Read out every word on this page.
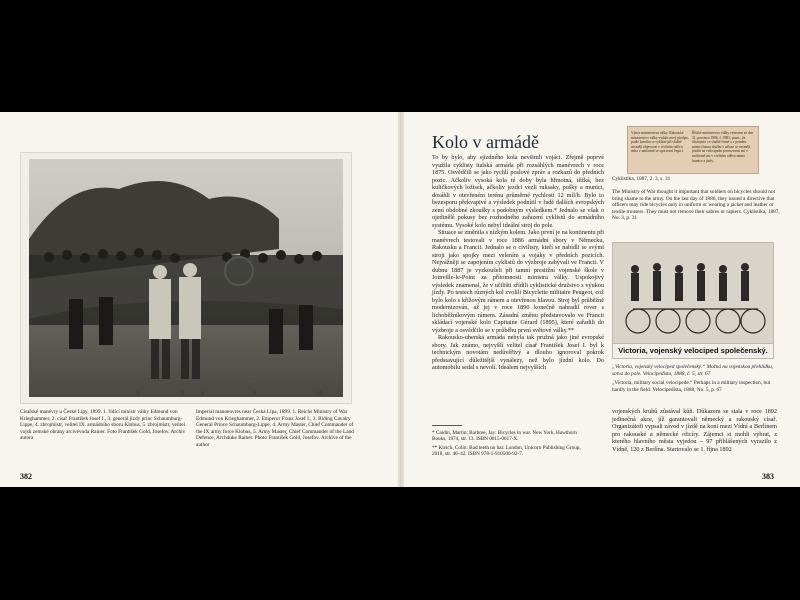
1	2	3	4	5
Císařské manévry u České Lípy, 1899. 1. řídící ministr války Edmund von Krieghammer, 2. císař František Josef I., 3. generál jízdy princ Schaumburg-Lippe, 4. zbrojmistr, velitel IX. armádního sboru Klobus, 5. zbrojmistr, velitel vojsk zemské obrany arcivévoda Rainer. Foto František Gold, Josefov. Archiv autora
Imperial manoeuvres near Česká Lípa, 1899. 1. Reichs Ministry of War Edmund von Krieghammer, 2. Emperor Franz Josef I., 3. Riding Cavalry General Prince Schaumburg-Lippe, 4. Army Master, Chief Commander of the IX army force Klobus, 5. Army Master, Chief Commander of the Land Defence, Archduke Rainer. Photo František Gold, Josefov. Archive of the author
382
Kolo v armádě

To by bylo, aby sjízdného kola nevšimli vojáci. Zřejmě poprvé využila cyklisty italská armáda při rozsáhlých manévrech v roce 1875. Osvědčili se jako rychlí poslové zpráv a rozkazů do předních pozic. Ačkoliv vysoká kola té doby byla hřmotná, těžká, bez kuličkových ložisek, ačkoliv jezdci vezli ruksaky, pušky a munici, dosáhli v otevřeném terénu průměrné rychlosti 12 míl/h. Bylo to bezesporu překvapivé a výsledek podnítil v řadě dalších evropských zemí obdobné zkoušky s podobným výsledkem.* Jednalo se však o ojedinělé pokusy bez rozhodného zařazení cyklistů do armádního systému. Vysoké kolo nebyl ideální stroj do pole.

Situace se změnila s nízkým kolem. Jako první je na kontinentu při manévrech testovali v roce 1886 armádní sbory v Německu, Rakousku a Francii. Jednalo se o civilisty, kteří se nabídli se svými stroji jako spojky mezi velením a vojáky v předních pozicích. Nejvážněji se zapojením cyklistů do výzbroje zabývali ve Francii. V dubnu 1887 je vyzkoušeli při tamní prestižní vojenské škole v Joinville-le-Point za přítomnosti ministra války. Uspokojivý výsledek znamenal, že v učilišti zřídili cyklistické družstvo s výukou jízdy. Po testech různých kol zvolili Bicyclette militaire Peugeot, což bylo kolo s křížovým rámem a otevřenou hlavou. Stroj byl průběžně modernizován, až jej v roce 1890 konečně nahradil rover s lichoběžníkovým rámem. Zásadní změnu představovalo ve Francii skládací vojenské kolo Capitaine Gérard (1895), které zařadili do výzbroje a osvědčilo se v průběhu první světové války.**

Rakousko-uherská armáda nebyla tak pružná jako jiné evropské sbory. Jak známo, nejvyšší velitel císař František Josef I. byl k technickým novotám nedůvěřivý a dlouho ignoroval pokrok představující důležitější vynálezy, než bylo jízdní kolo. Do automobilu sedal s nevolí. Ideálem nejvyšších

* Caidin, Martin; Barbree, Jay: Bicycles in war. New York, Hawthorn Books, 1974, str. 13. ISBN 0015-0617-X.
** Kirsch, Colin: Bad teeth no bar. London, Unicorn Publishing Group, 2018, str. 40–42. ISBN 978-1-910500-92-7.
Výnos ministerstva války. Rakouské ministerstvo války vydalo nový předpis, podle kterého se cyklisté při službě nesmějí objevovat v civilním oděvu nebo v uniformě se sportovní čepicí.
Říšské ministerstvo války výnosem ze dne 31. prosince 1886, č. 5983, praes., že důstojníci ve službě činné a v poměru mimo činnou službu v záloze se nesmějí jezditi na velocipedu provozovati ani v uniformě ani v civilním oděvu mimo hranice a jízdy.
Cyklistika, 1887, 2. 3, s. 31
The Ministry of War thought it important that soldiers on bicycles should not bring shame to the army. On the last day of 1886, they issued a directive that officers may ride bicycles only in uniform or wearing a jacket and leather or textile trousers. They must not remove their sabres or rapiers. Cyklistika, 1887, No. 3, p. 31
Victoria, vojenský velociped společenský.
„Victoria, vojenský velociped společenský.“ Možná na vojenskou přehlídku, sotva do pole. Velocipedista, 1888, č. 5, str. 67
„Victoria, military social velocipede.“ Perhaps in a military inspection, but hardly in the field. Velocipedista, 1888, No. 5, p. 67

vojenských kruhů zůstával kůň. Důkazem se stala v roce 1892 jedinečná akce, jíž garantovali německý a rakouský císař. Organizátoři vypsali závod v jízdě na koni mezi Vídní a Berlínem pro rakouské a německé oficíry. Zájemci si mohli vybrat, z kterého hlavního města vyjedou – 97 přihlášených vyrazilo z Vídně, 120 z Berlína. Startovalo se 1. října 1892

383
